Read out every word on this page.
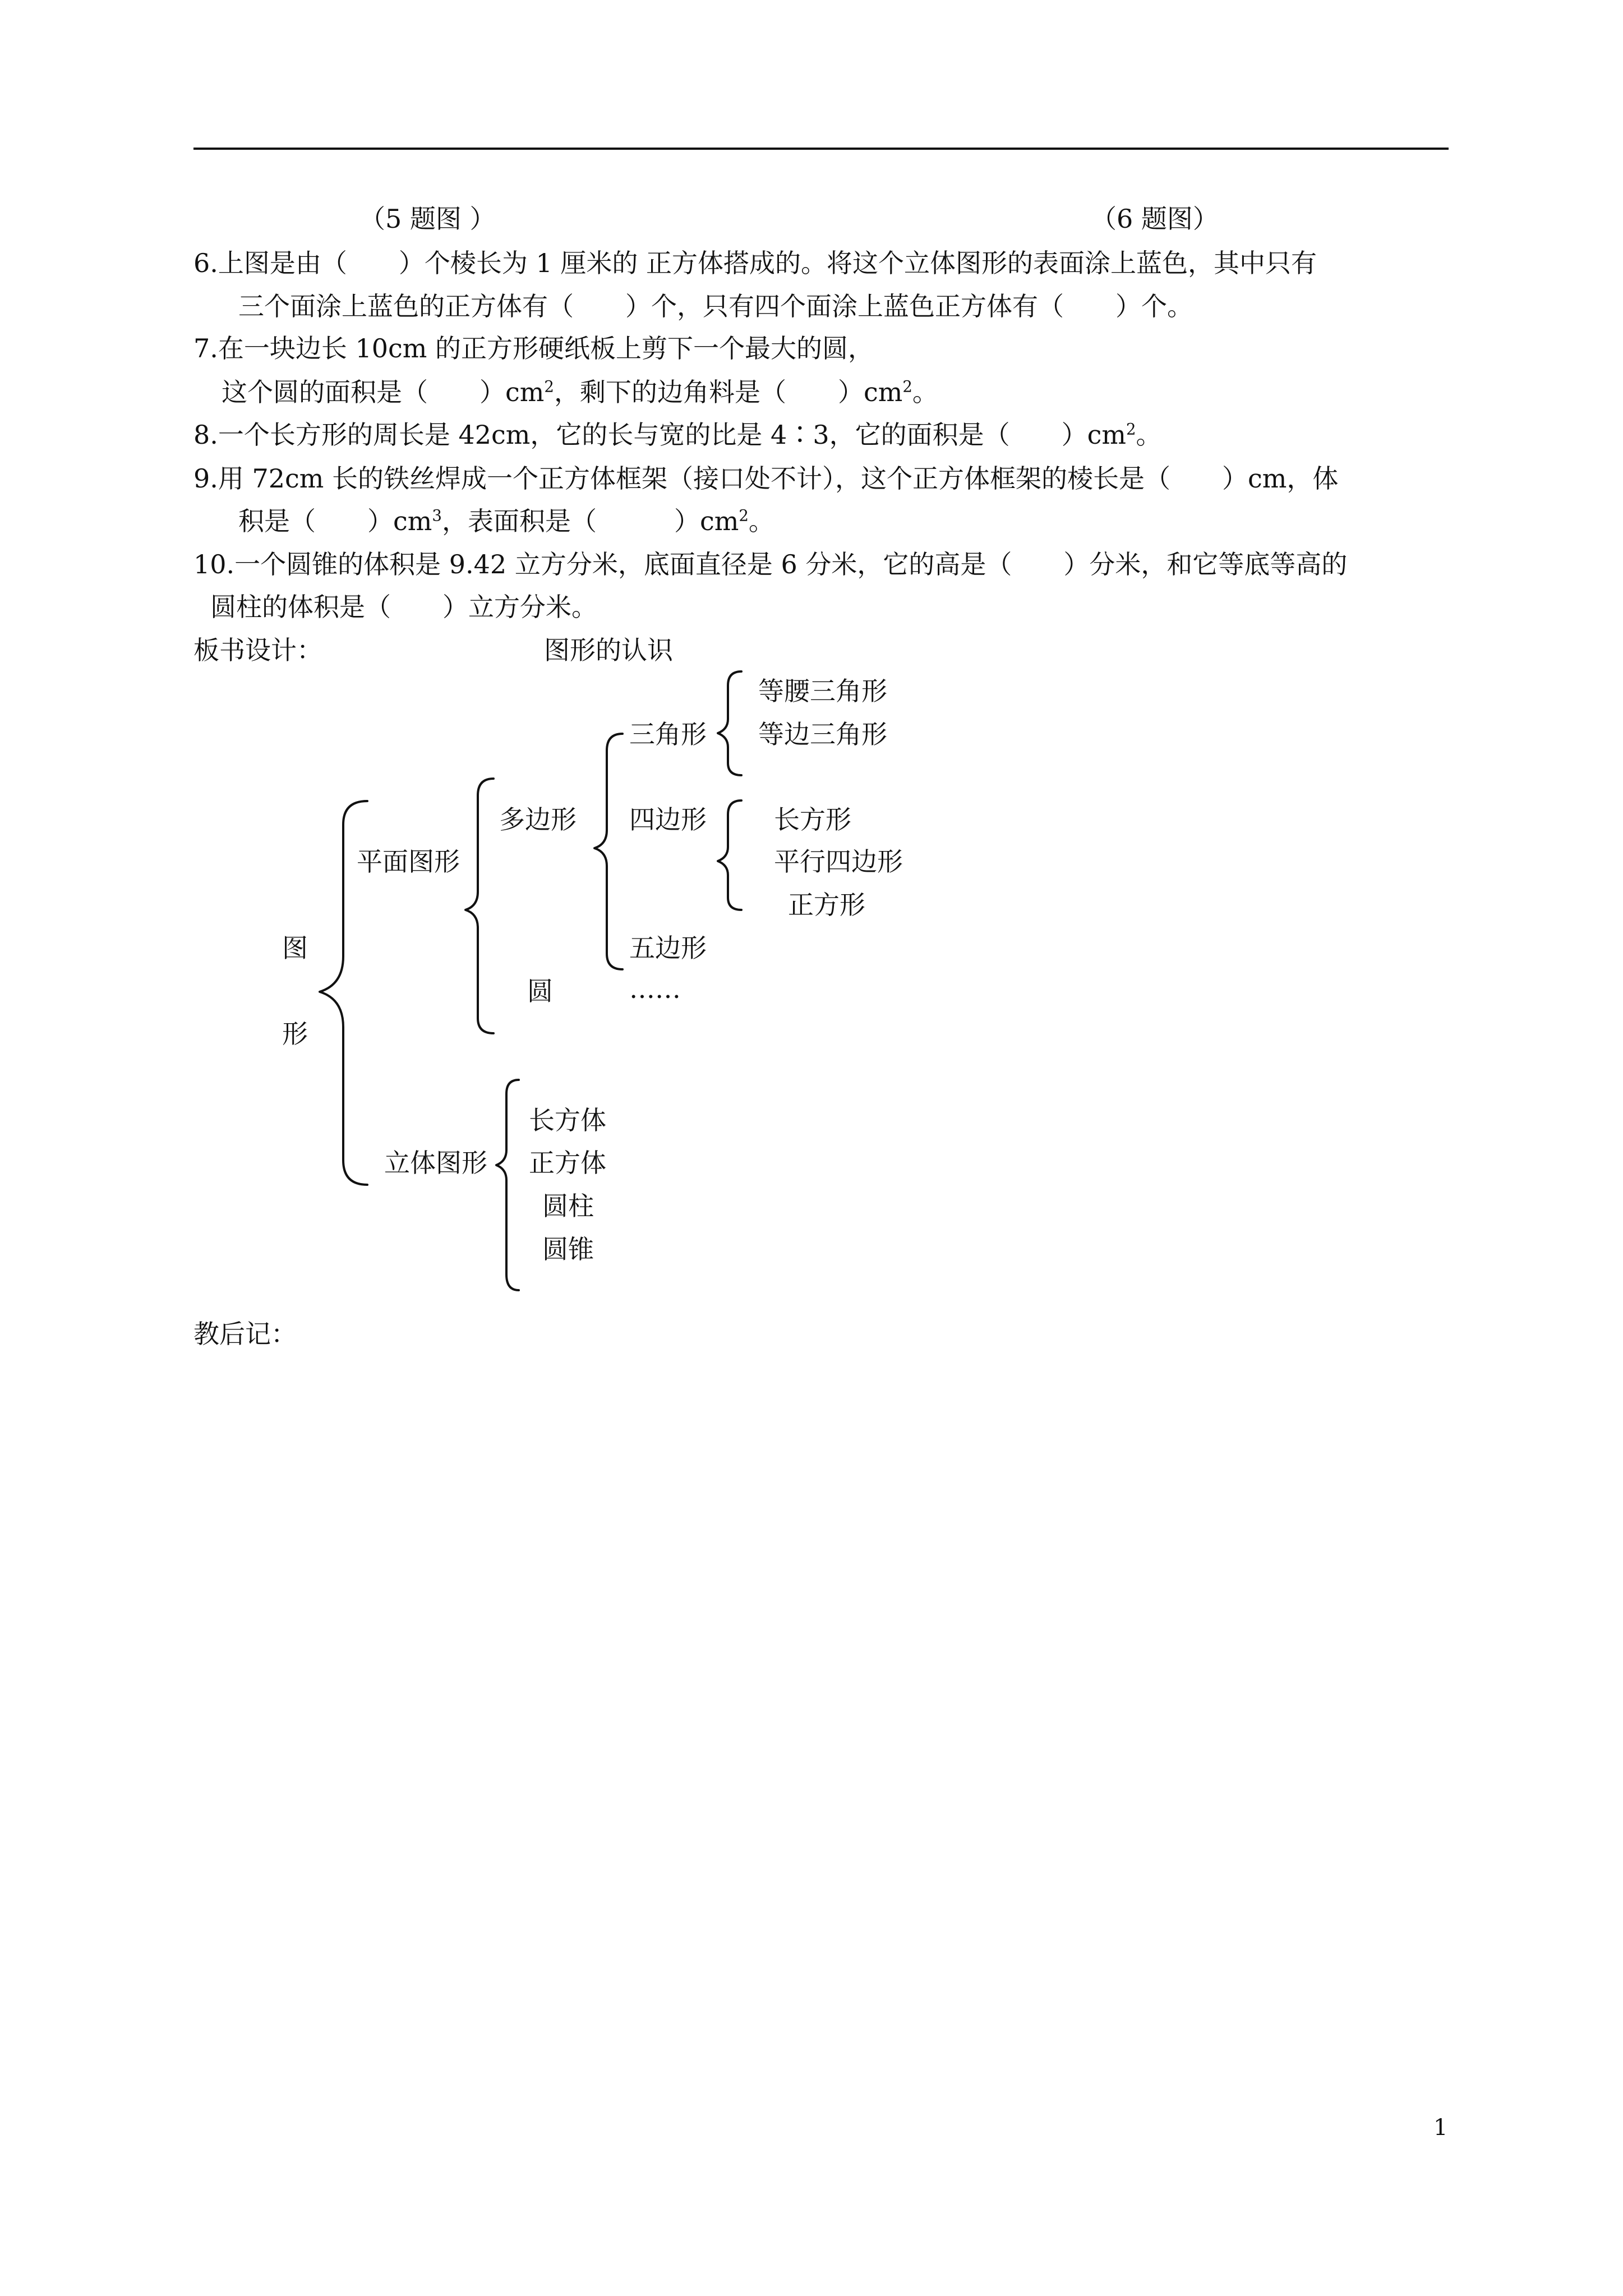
（5 题图 ）	（6 题图）
6.上图是由（　　）个棱长为 1 厘米的 正方体搭成的。将这个立体图形的表面涂上蓝色，其中只有
三个面涂上蓝色的正方体有（　　）个，只有四个面涂上蓝色正方体有（　　）个。
7.在一块边长 10cm 的正方形硬纸板上剪下一个最大的圆，
这个圆的面积是（　　）$cm^2$，剩下的边角料是（　　）$cm^2$。
8.一个长方形的周长是 42cm，它的长与宽的比是 4∶3，它的面积是（　　）$cm^2$。
9.用 72cm 长的铁丝焊成一个正方体框架（接口处不计），这个正方体框架的棱长是（　　）cm，体
积是（　　）$cm^3$，表面积是（　　　）$cm^2$。
10.一个圆锥的体积是 9.42 立方分米，底面直径是 6 分米，它的高是（　　）分米，和它等底等高的
圆柱的体积是（　　）立方分米。
板书设计：	图形的认识
图
形
平面图形
多边形
三角形
等腰三角形
等边三角形
四边形	长方形
平行四边形
正方形
五边形
……
圆
立体图形
长方体
正方体
圆柱
圆锥
教后记：
1
